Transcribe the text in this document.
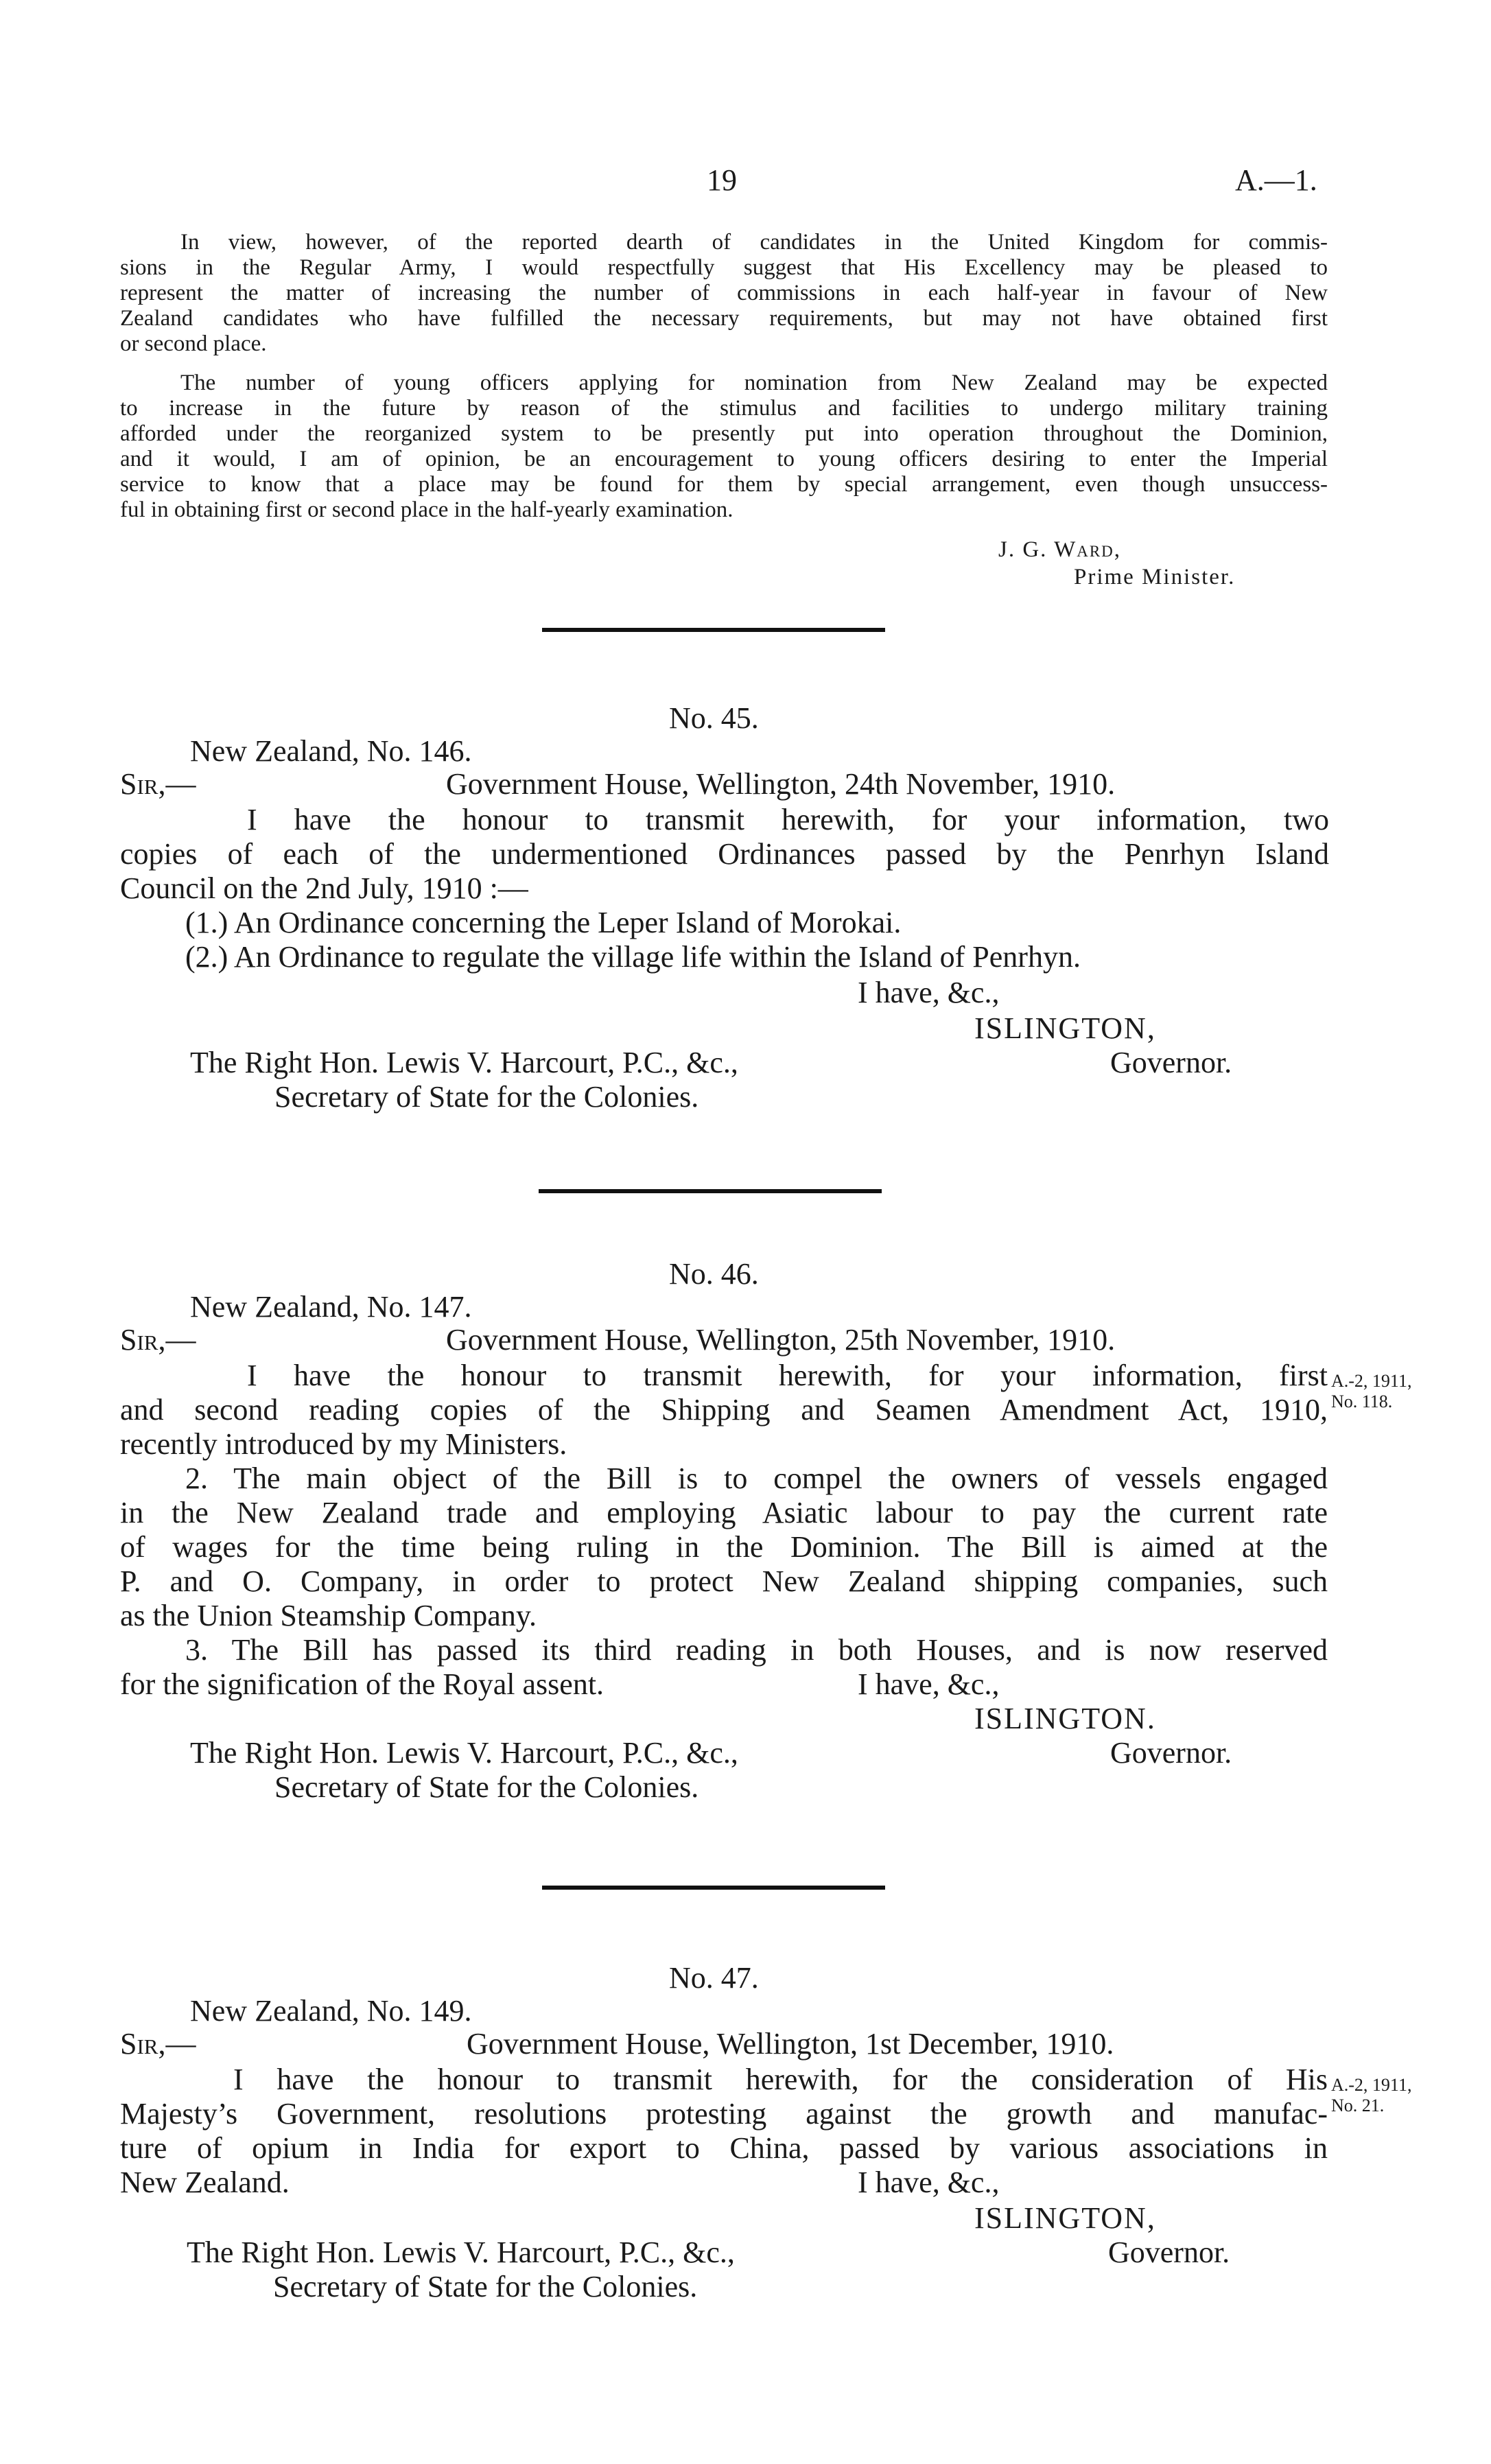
19	A.—1.
In view, however, of the reported dearth of candidates in the United Kingdom for commis-
sions in the Regular Army, I would respectfully suggest that His Excellency may be pleased to
represent the matter of increasing the number of commissions in each half-year in favour of New
Zealand candidates who have fulfilled the necessary requirements, but may not have obtained first
or second place.
The number of young officers applying for nomination from New Zealand may be expected
to increase in the future by reason of the stimulus and facilities to undergo military training
afforded under the reorganized system to be presently put into operation throughout the Dominion,
and it would, I am of opinion, be an encouragement to young officers desiring to enter the Imperial
service to know that a place may be found for them by special arrangement, even though unsuccess-
ful in obtaining first or second place in the half-yearly examination.
J. G. Ward,
Prime Minister.
No. 45.
New Zealand, No. 146.
Sir,—	Government House, Wellington, 24th November, 1910.
I have the honour to transmit herewith, for your information, two
copies of each of the undermentioned Ordinances passed by the Penrhyn Island
Council on the 2nd July, 1910 :—
(1.) An Ordinance concerning the Leper Island of Morokai.
(2.) An Ordinance to regulate the village life within the Island of Penrhyn.
I have, &c.,
ISLINGTON,
The Right Hon. Lewis V. Harcourt, P.C., &c.,	Governor.
Secretary of State for the Colonies.
No. 46.
New Zealand, No. 147.
Sir,—	Government House, Wellington, 25th November, 1910.
I have the honour to transmit herewith, for your information, first
and second reading copies of the Shipping and Seamen Amendment Act, 1910,
recently introduced by my Ministers.
2. The main object of the Bill is to compel the owners of vessels engaged
in the New Zealand trade and employing Asiatic labour to pay the current rate
of wages for the time being ruling in the Dominion. The Bill is aimed at the
P. and O. Company, in order to protect New Zealand shipping companies, such
as the Union Steamship Company.
3. The Bill has passed its third reading in both Houses, and is now reserved
for the signification of the Royal assent.	I have, &c.,
ISLINGTON.
The Right Hon. Lewis V. Harcourt, P.C., &c.,	Governor.
Secretary of State for the Colonies.
A.-2, 1911,
No. 118.
No. 47.
New Zealand, No. 149.
Sir,—	Government House, Wellington, 1st December, 1910.
I have the honour to transmit herewith, for the consideration of His
Majesty’s Government, resolutions protesting against the growth and manufac-
ture of opium in India for export to China, passed by various associations in
New Zealand.	I have, &c.,
ISLINGTON,
The Right Hon. Lewis V. Harcourt, P.C., &c.,	Governor.
Secretary of State for the Colonies.
A.-2, 1911,
No. 21.
